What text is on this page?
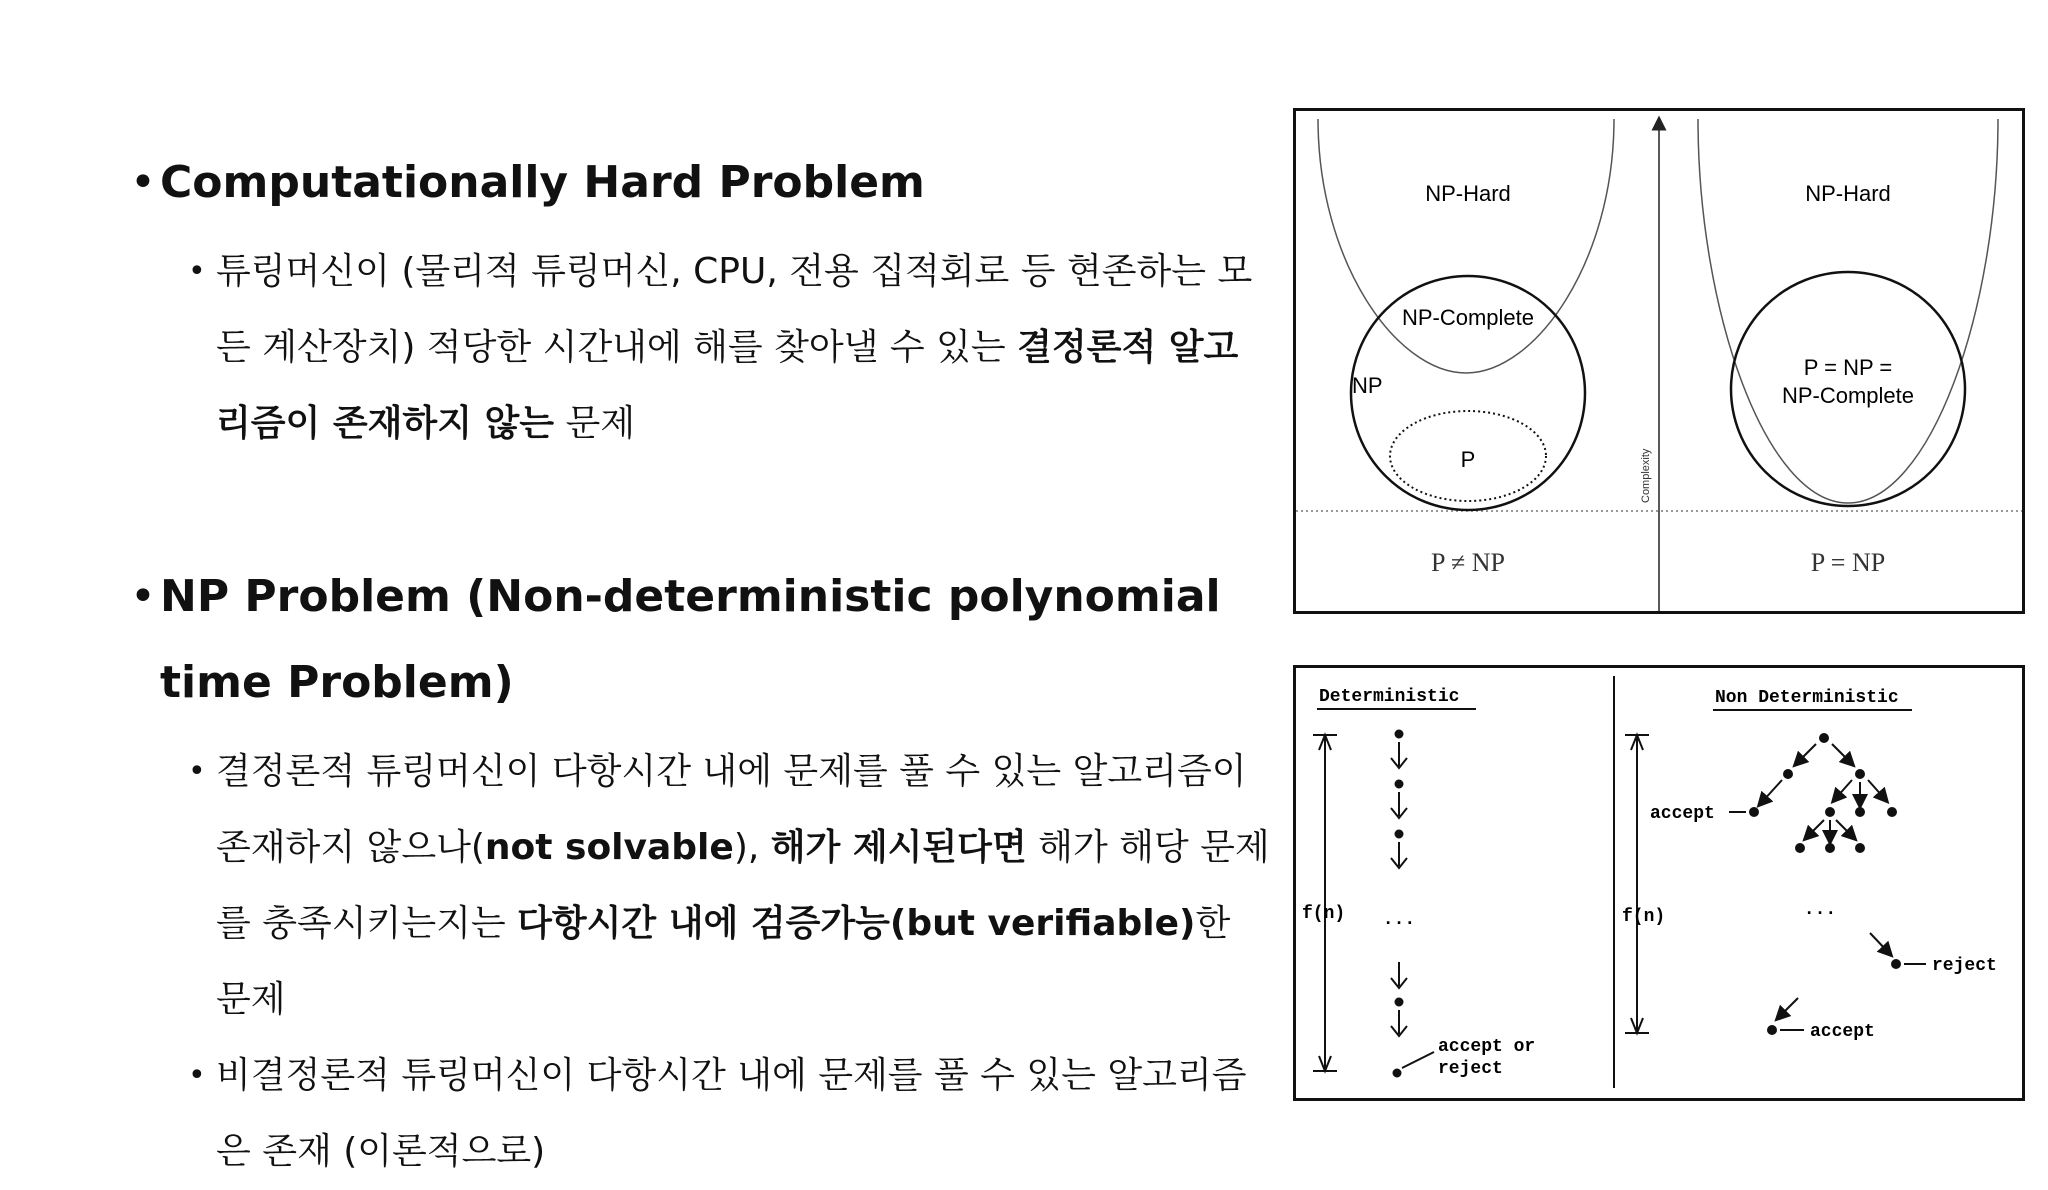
• Computationally Hard Problem
• 튜링머신이 (물리적 튜링머신, CPU, 전용 집적회로 등 현존하는 모든 계산장치) 적당한 시간내에 해를 찾아낼 수 있는 결정론적 알고리즘이 존재하지 않는 문제
• NP Problem (Non-deterministic polynomial time Problem)
• 결정론적 튜링머신이 다항시간 내에 문제를 풀 수 있는 알고리즘이 존재하지 않으나(not solvable), 해가 제시된다면 해가 해당 문제를 충족시키는지는 다항시간 내에 검증가능(but verifiable)한 문제
• 비결정론적 튜링머신이 다항시간 내에 문제를 풀 수 있는 알고리즘은 존재 (이론적으로)
Complexity
NP-Hard
NP-Complete
NP
P
P ≠ NP
NP-Hard
P = NP =
NP-Complete
P = NP
Deterministic
f(n) ...
accept or
reject
Non Deterministic
f(n)
accept
...
reject
accept
